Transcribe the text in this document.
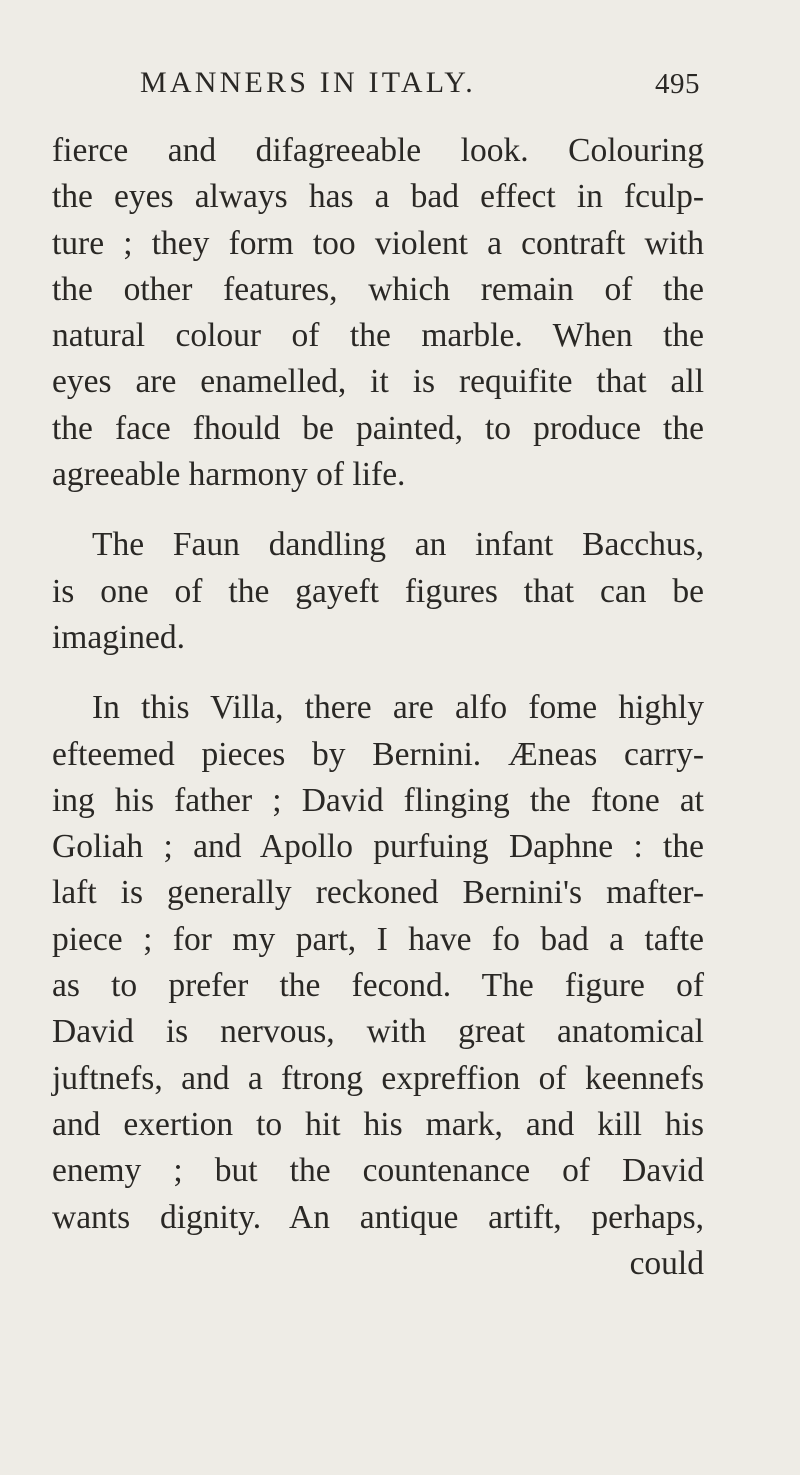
MANNERS IN ITALY.	495
fierce and difagreeable look. Colouring
the eyes always has a bad effect in fculp-
ture ; they form too violent a contraft with
the other features, which remain of the
natural colour of the marble. When the
eyes are enamelled, it is requifite that all
the face fhould be painted, to produce the
agreeable harmony of life.
The Faun dandling an infant Bacchus,
is one of the gayeft figures that can be
imagined.
In this Villa, there are alfo fome highly
efteemed pieces by Bernini. Æneas carry-
ing his father ; David flinging the ftone at
Goliah ; and Apollo purfuing Daphne : the
laft is generally reckoned Bernini's mafter-
piece ; for my part, I have fo bad a tafte
as to prefer the fecond. The figure of
David is nervous, with great anatomical
juftnefs, and a ftrong expreffion of keennefs
and exertion to hit his mark, and kill his
enemy ; but the countenance of David
wants dignity. An antique artift, perhaps,
could
